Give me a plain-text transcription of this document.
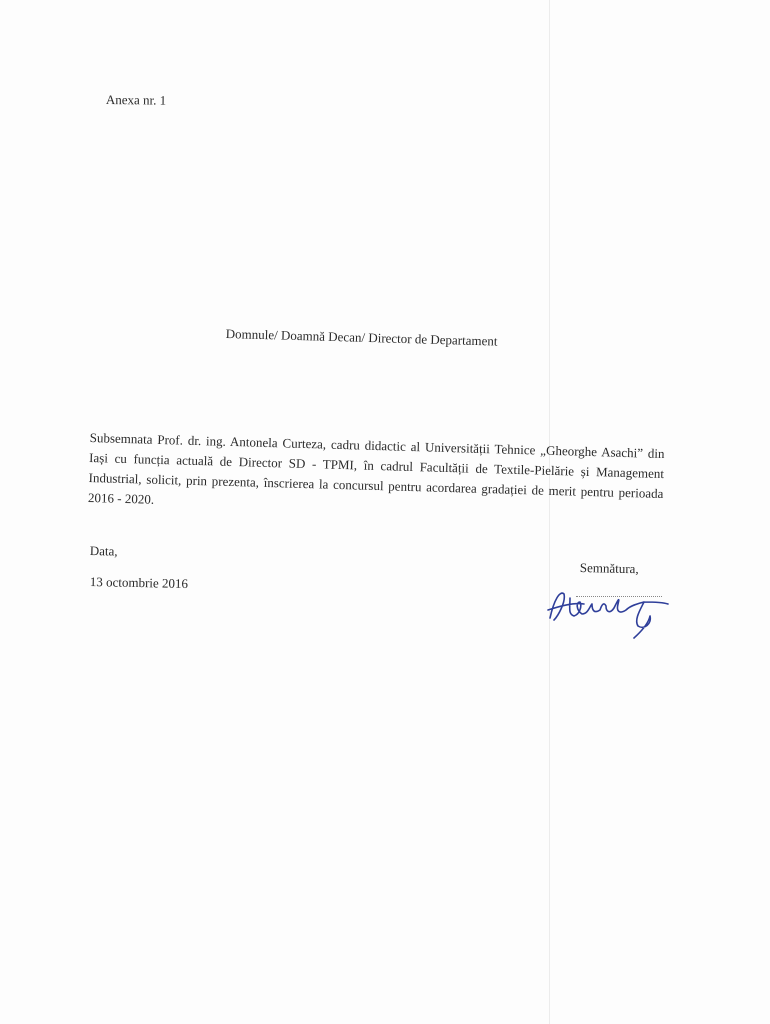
Anexa nr. 1
Domnule/ Doamnă Decan/ Director de Departament
Subsemnata Prof. dr. ing. Antonela Curteza, cadru didactic al Universității Tehnice „Gheorghe Asachi” din Iași cu funcția actuală de Director SD - TPMI, în cadrul Facultății de Textile-Pielărie și Management Industrial, solicit, prin prezenta, înscrierea la concursul pentru acordarea gradației de merit pentru perioada 2016 - 2020.
Data,
13 octombrie 2016
Semnătura,
